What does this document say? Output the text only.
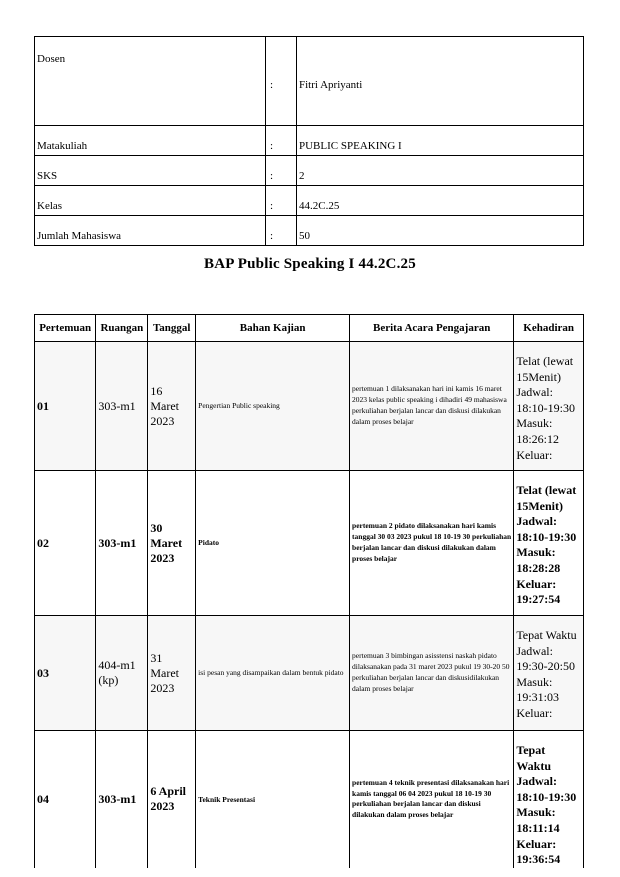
Dosen	:	Fitri Apriyanti
Matakuliah	:	PUBLIC SPEAKING I
SKS	:	2
Kelas	:	44.2C.25
Jumlah Mahasiswa	:	50
BAP Public Speaking I 44.2C.25
Pertemuan	Ruangan	Tanggal	Bahan Kajian	Berita Acara Pengajaran	Kehadiran
01	303-m1	16 Maret 2023	Pengertian Public speaking	pertemuan 1 dilaksanakan hari ini kamis 16 maret 2023 kelas public speaking i dihadiri 49 mahasiswa perkuliahan berjalan lancar dan diskusi dilakukan dalam proses belajar	Telat (lewat 15Menit)
Jadwal: 18:10-19:30
Masuk: 18:26:12
Keluar:

02	303-m1	30 Maret 2023	Pidato	pertemuan 2 pidato dilaksanakan hari kamis tanggal 30 03 2023 pukul 18 10-19 30 perkuliahan berjalan lancar dan diskusi dilakukan dalam proses belajar	Telat (lewat 15Menit)
Jadwal: 18:10-19:30
Masuk: 18:28:28
Keluar: 19:27:54

03	404-m1 (kp)	31 Maret 2023	isi pesan yang disampaikan dalam bentuk pidato	pertemuan 3 bimbingan asisstensi naskah pidato dilaksanakan pada 31 maret 2023 pukul 19 30-20 50 perkuliahan berjalan lancar dan diskusidilakukan dalam proses belajar	Tepat Waktu
Jadwal: 19:30-20:50
Masuk: 19:31:03
Keluar:

04	303-m1	6 April 2023	Teknik Presentasi	pertemuan 4 teknik presentasi dilaksanakan hari kamis tanggal 06 04 2023 pukul 18 10-19 30 perkuliahan berjalan lancar dan diskusi dilakukan dalam proses belajar	Tepat Waktu
Jadwal: 18:10-19:30
Masuk: 18:11:14
Keluar: 19:36:54
